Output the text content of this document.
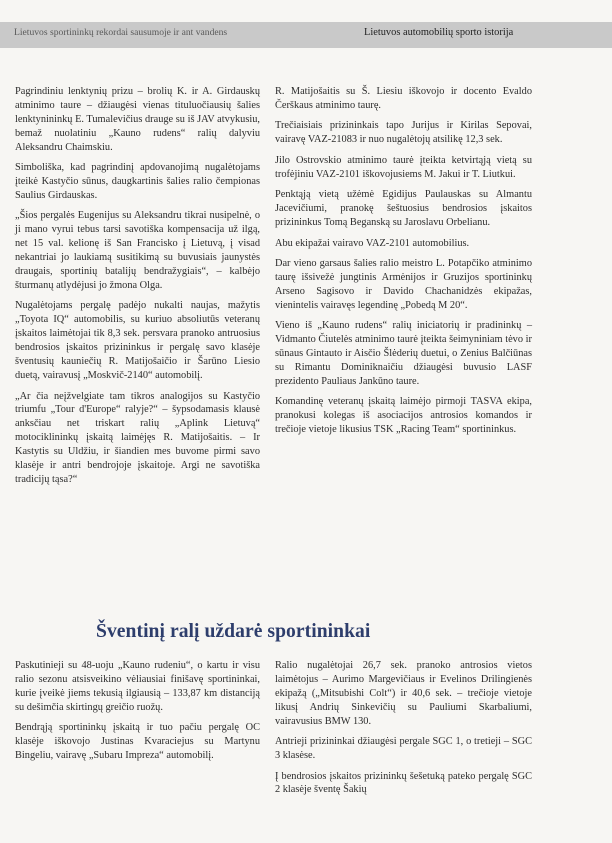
Lietuvos sportininkų rekordai sausumoje ir ant vandens	Lietuvos automobilių sporto istorija

Pagrindiniu lenktynių prizu – brolių K. ir A. Girdauskų atminimo taure – džiaugėsi vienas tituluočiausių šalies lenktynininkų E. Tumalevičius drauge su iš JAV atvykusiu, bemaž nuolatiniu „Kauno rudens“ ralių dalyviu Aleksandru Chaimskiu.

Simboliška, kad pagrindinį apdovanojimą nugalėtojams įteikė Kastyčio sūnus, daugkartinis šalies ralio čempionas Saulius Girdauskas.

„Šios pergalės Eugenijus su Aleksandru tikrai nusipelnė, o ji mano vyrui tebus tarsi savotiška kompensacija už ilgą, net 15 val. kelionę iš San Francisko į Lietuvą, į visad nekantriai jo laukiamą susitikimą su buvusiais jaunystės draugais, sportinių batalijų bendražygiais“, – kalbėjo šturmanų atlydėjusi jo žmona Olga.

Nugalėtojams pergalę padėjo nukalti naujas, mažytis „Toyota IQ“ automobilis, su kuriuo absoliutūs veteranų įskaitos laimėtojai tik 8,3 sek. persvara pranoko antruosius bendrosios įskaitos prizininkus ir pergalę savo klasėje šventusių kauniečių R. Matijošaičio ir Šarūno Liesio duetą, vairavusį „Moskvič-2140“ automobilį.

„Ar čia neįžvelgiate tam tikros analogijos su Kastyčio triumfu „Tour d'Europe“ ralyje?“ – šypsodamasis klausė anksčiau net triskart ralių „Aplink Lietuvą“ motociklininkų įskaitą laimėjęs R. Matijošaitis. – Ir Kastytis su Uldžiu, ir šiandien mes buvome pirmi savo klasėje ir antri bendrojoje įskaitoje. Argi ne savotiška tradicijų tąsa?“

R. Matijošaitis su Š. Liesiu iškovojo ir docento Evaldo Čerškaus atminimo taurę.

Trečiaisiais prizininkais tapo Jurijus ir Kirilas Sepovai, vairavę VAZ-21083 ir nuo nugalėtojų atsilikę 12,3 sek.

Jilo Ostrovskio atminimo taurė įteikta ketvirtąją vietą su trofėjiniu VAZ-2101 iškovojusiems M. Jakui ir T. Liutkui.

Penktąją vietą užėmė Egidijus Paulauskas su Almantu Jacevičiumi, pranokę šeštuosius bendrosios įskaitos prizininkus Tomą Beganską su Jaroslavu Orbelianu.

Abu ekipažai vairavo VAZ-2101 automobilius.

Dar vieno garsaus šalies ralio meistro L. Potapčiko atminimo taurę išsivežė jungtinis Armėnijos ir Gruzijos sportininkų Arseno Sagisovo ir Davido Chachanidzės ekipažas, vienintelis vairavęs legendinę „Pobedą M 20“.

Vieno iš „Kauno rudens“ ralių iniciatorių ir pradininkų – Vidmanto Čiutelės atminimo taurė įteikta šeimyniniam tėvo ir sūnaus Gintauto ir Aisčio Šlėderių duetui, o Zenius Balčiūnas su Rimantu Dominiknaičiu džiaugėsi buvusio LASF prezidento Pauliaus Jankūno taure.

Komandinę veteranų įskaitą laimėjo pirmoji TASVA ekipa, pranokusi kolegas iš asociacijos antrosios komandos ir trečioje vietoje likusius TSK „Racing Team“ sportininkus.

Šventinį ralį uždarė sportininkai

Paskutinieji su 48-uoju „Kauno rudeniu“, o kartu ir visu ralio sezonu atsisveikino vėliausiai finišavę sportininkai, kurie įveikė jiems tekusią ilgiausią – 133,87 km distanciją su dešimčia skirtingų greičio ruožų.

Bendrąją sportininkų įskaitą ir tuo pačiu pergalę OC klasėje iškovojo Justinas Kvaraciejus su Martynu Bingeliu, vairavę „Subaru Impreza“ automobilį.

Ralio nugalėtojai 26,7 sek. pranoko antrosios vietos laimėtojus – Aurimo Margevičiaus ir Evelinos Drilingienės ekipažą („Mitsubishi Colt“) ir 40,6 sek. – trečioje vietoje likusį Andrių Sinkevičių su Pauliumi Skarbaliumi, vairavusius BMW 130.

Antrieji prizininkai džiaugėsi pergale SGC 1, o tretieji – SGC 3 klasėse.

Į bendrosios įskaitos prizininkų šešetuką pateko pergalę SGC 2 klasėje šventę Šakių
